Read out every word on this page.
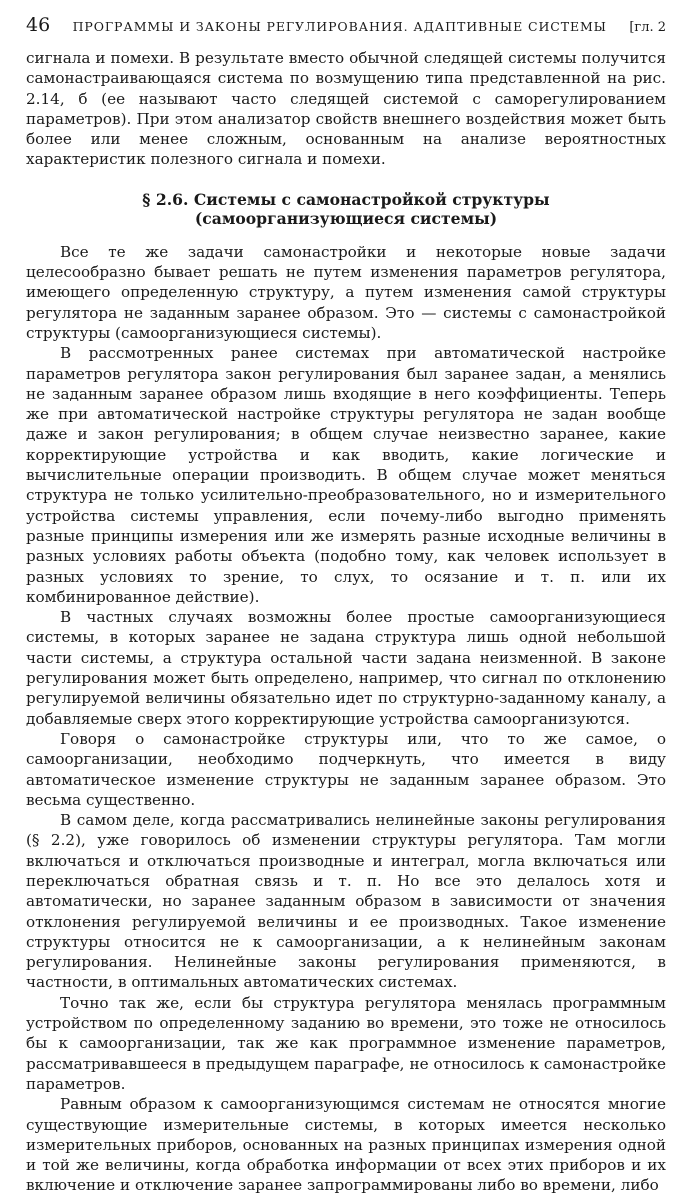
46 ПРОГРАММЫ И ЗАКОНЫ РЕГУЛИРОВАНИЯ. АДАПТИВНЫЕ СИСТЕМЫ [гл. 2

сигнала и помехи. В результате вместо обычной следящей системы получится самонастраивающаяся система по возмущению типа представленной на рис. 2.14, б (ее называют часто следящей системой с саморегулированием параметров). При этом анализатор свойств внешнего воздействия может быть более или менее сложным, основанным на анализе вероятностных характеристик полезного сигнала и помехи.

§ 2.6. Системы с самонастройкой структуры
(самоорганизующиеся системы)

Все те же задачи самонастройки и некоторые новые задачи целесообразно бывает решать не путем изменения параметров регулятора, имеющего определенную структуру, а путем изменения самой структуры регулятора не заданным заранее образом. Это — системы с самонастройкой структуры (самоорганизующиеся системы).

В рассмотренных ранее системах при автоматической настройке параметров регулятора закон регулирования был заранее задан, а менялись не заданным заранее образом лишь входящие в него коэффициенты. Теперь же при автоматической настройке структуры регулятора не задан вообще даже и закон регулирования; в общем случае неизвестно заранее, какие корректирующие устройства и как вводить, какие логические и вычислительные операции производить. В общем случае может меняться структура не только усилительно-преобразовательного, но и измерительного устройства системы управления, если почему-либо выгодно применять разные принципы измерения или же измерять разные исходные величины в разных условиях работы объекта (подобно тому, как человек использует в разных условиях то зрение, то слух, то осязание и т. п. или их комбинированное действие).

В частных случаях возможны более простые самоорганизующиеся системы, в которых заранее не задана структура лишь одной небольшой части системы, а структура остальной части задана неизменной. В законе регулирования может быть определено, например, что сигнал по отклонению регулируемой величины обязательно идет по структурно-заданному каналу, а добавляемые сверх этого корректирующие устройства самоорганизуются.

Говоря о самонастройке структуры или, что то же самое, о самоорганизации, необходимо подчеркнуть, что имеется в виду автоматическое изменение структуры не заданным заранее образом. Это весьма существенно.

В самом деле, когда рассматривались нелинейные законы регулирования (§ 2.2), уже говорилось об изменении структуры регулятора. Там могли включаться и отключаться производные и интеграл, могла включаться или переключаться обратная связь и т. п. Но все это делалось хотя и автоматически, но заранее заданным образом в зависимости от значения отклонения регулируемой величины и ее производных. Такое изменение структуры относится не к самоорганизации, а к нелинейным законам регулирования. Нелинейные законы регулирования применяются, в частности, в оптимальных автоматических системах.

Точно так же, если бы структура регулятора менялась программным устройством по определенному заданию во времени, это тоже не относилось бы к самоорганизации, так же как программное изменение параметров, рассматривавшееся в предыдущем параграфе, не относилось к самонастройке параметров.

Равным образом к самоорганизующимся системам не относятся многие существующие измерительные системы, в которых имеется несколько измерительных приборов, основанных на разных принципах измерения одной и той же величины, когда обработка информации от всех этих приборов и их включение и отключение заранее запрограммированы либо во времени, либо
